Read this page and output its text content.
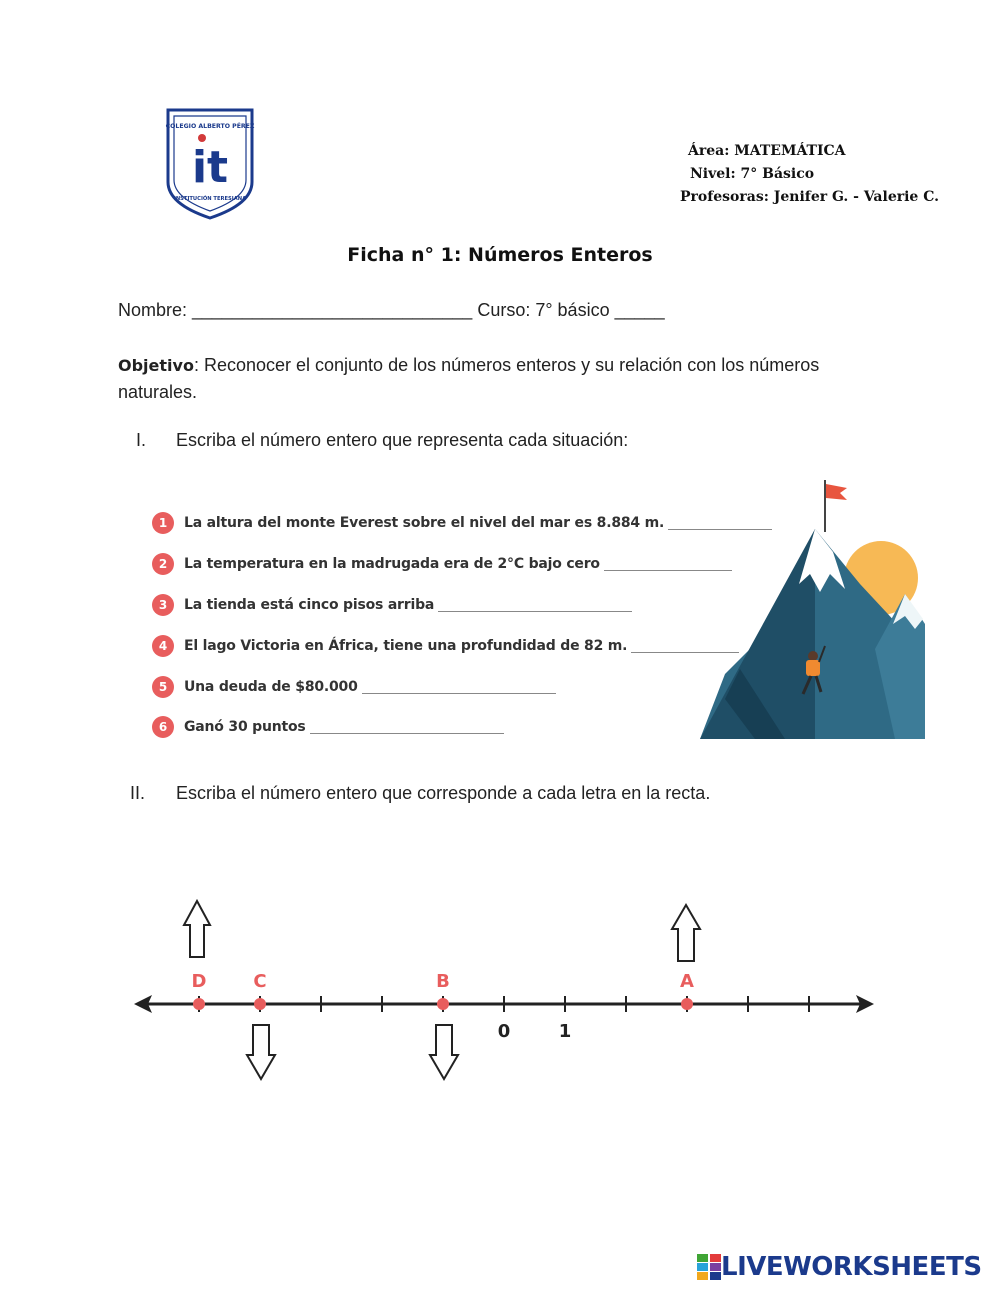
COLEGIO ALBERTO PÉREZ
INSTITUCIÓN TERESIANA
it	Área: MATEMÁTICA
Nivel: 7° Básico
Profesoras: Jenifer G. - Valerie C.
Ficha n° 1: Números Enteros
Nombre: ____________________________ Curso: 7° básico _____
Objetivo: Reconocer el conjunto de los números enteros y su relación con los números naturales.
I. Escriba el número entero que representa cada situación:
1	La altura del monte Everest sobre el nivel del mar es 8.884 m.
2	La temperatura en la madrugada era de 2°C bajo cero
3	La tienda está cinco pisos arriba
4	El lago Victoria en África, tiene una profundidad de 82 m.
5	Una deuda de $80.000
6	Ganó 30 puntos
II. Escriba el número entero que corresponde a cada letra en la recta.
D	C	B	A
0	1
LIVEWORKSHEETS
